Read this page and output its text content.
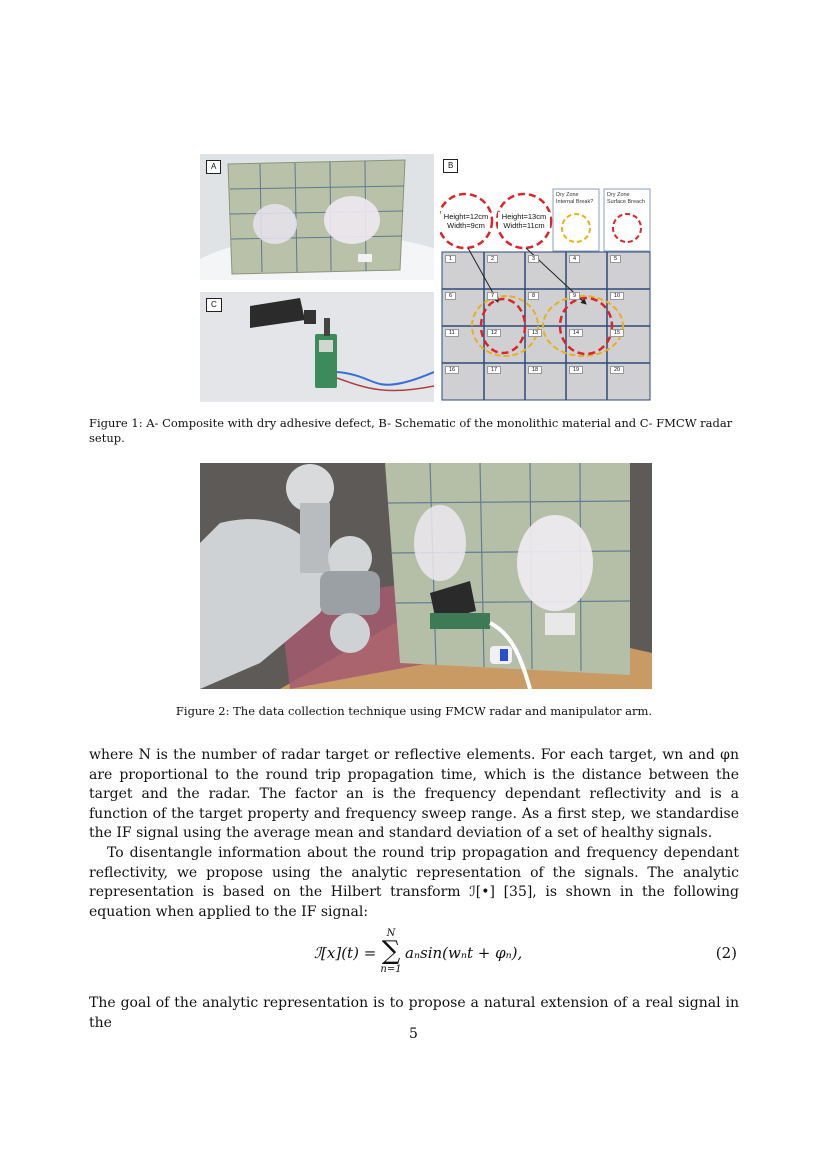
A
C
B
Height=12cm
Width=9cm
Height=13cm
Width=11cm
Dry Zone Internal Break?
Dry Zone Surface Breach
1	2	3	4	5
6	7	8	9	10
11	12	13	14	15
16	17	18	19	20
Figure 1: A- Composite with dry adhesive defect, B- Schematic of the monolithic material and C- FMCW radar setup.
Figure 2: The data collection technique using FMCW radar and manipulator arm.
where N is the number of radar target or reflective elements. For each target, wn and φn are proportional to the round trip propagation time, which is the distance between the target and the radar. The factor an is the frequency dependant reflectivity and is a function of the target property and frequency sweep range. As a first step, we standardise the IF signal using the average mean and standard deviation of a set of healthy signals.
To disentangle information about the round trip propagation and frequency dependant reflectivity, we propose using the analytic representation of the signals. The analytic representation is based on the Hilbert transform ℐ[•] [35], is shown in the following equation when applied to the IF signal:
ℐ[x](t) =
N
∑
n=1
aₙsin(wₙt + φₙ),	(2)
The goal of the analytic representation is to propose a natural extension of a real signal in the
5
